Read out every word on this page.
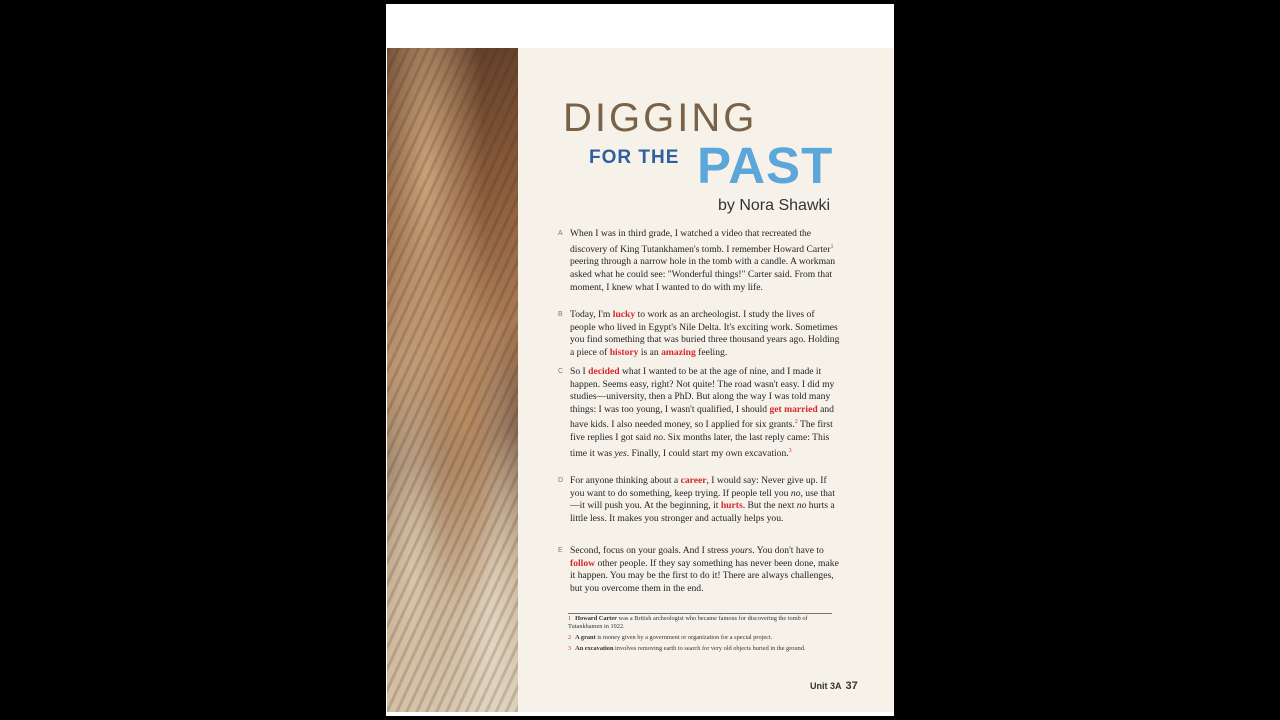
DIGGING
FOR THE PAST
by Nora Shawki
A When I was in third grade, I watched a video that recreated the discovery of King Tutankhamen's tomb. I remember Howard Carter$^1$ peering through a narrow hole in the tomb with a candle. A workman asked what he could see: "Wonderful things!" Carter said. From that moment, I knew what I wanted to do with my life.
B Today, I'm lucky to work as an archeologist. I study the lives of people who lived in Egypt's Nile Delta. It's exciting work. Sometimes you find something that was buried three thousand years ago. Holding a piece of history is an amazing feeling.
C So I decided what I wanted to be at the age of nine, and I made it happen. Seems easy, right? Not quite! The road wasn't easy. I did my studies—university, then a PhD. But along the way I was told many things: I was too young, I wasn't qualified, I should get married and have kids. I also needed money, so I applied for six grants.$^2$ The first five replies I got said no. Six months later, the last reply came: This time it was yes. Finally, I could start my own excavation.$^3$
D For anyone thinking about a career, I would say: Never give up. If you want to do something, keep trying. If people tell you no, use that—it will push you. At the beginning, it hurts. But the next no hurts a little less. It makes you stronger and actually helps you.
E Second, focus on your goals. And I stress yours. You don't have to follow other people. If they say something has never been done, make it happen. You may be the first to do it! There are always challenges, but you overcome them in the end.
1 Howard Carter was a British archeologist who became famous for discovering the tomb of Tutankhamen in 1922.
2 A grant is money given by a government or organization for a special project.
3 An excavation involves removing earth to search for very old objects buried in the ground.
Unit 3A 37
